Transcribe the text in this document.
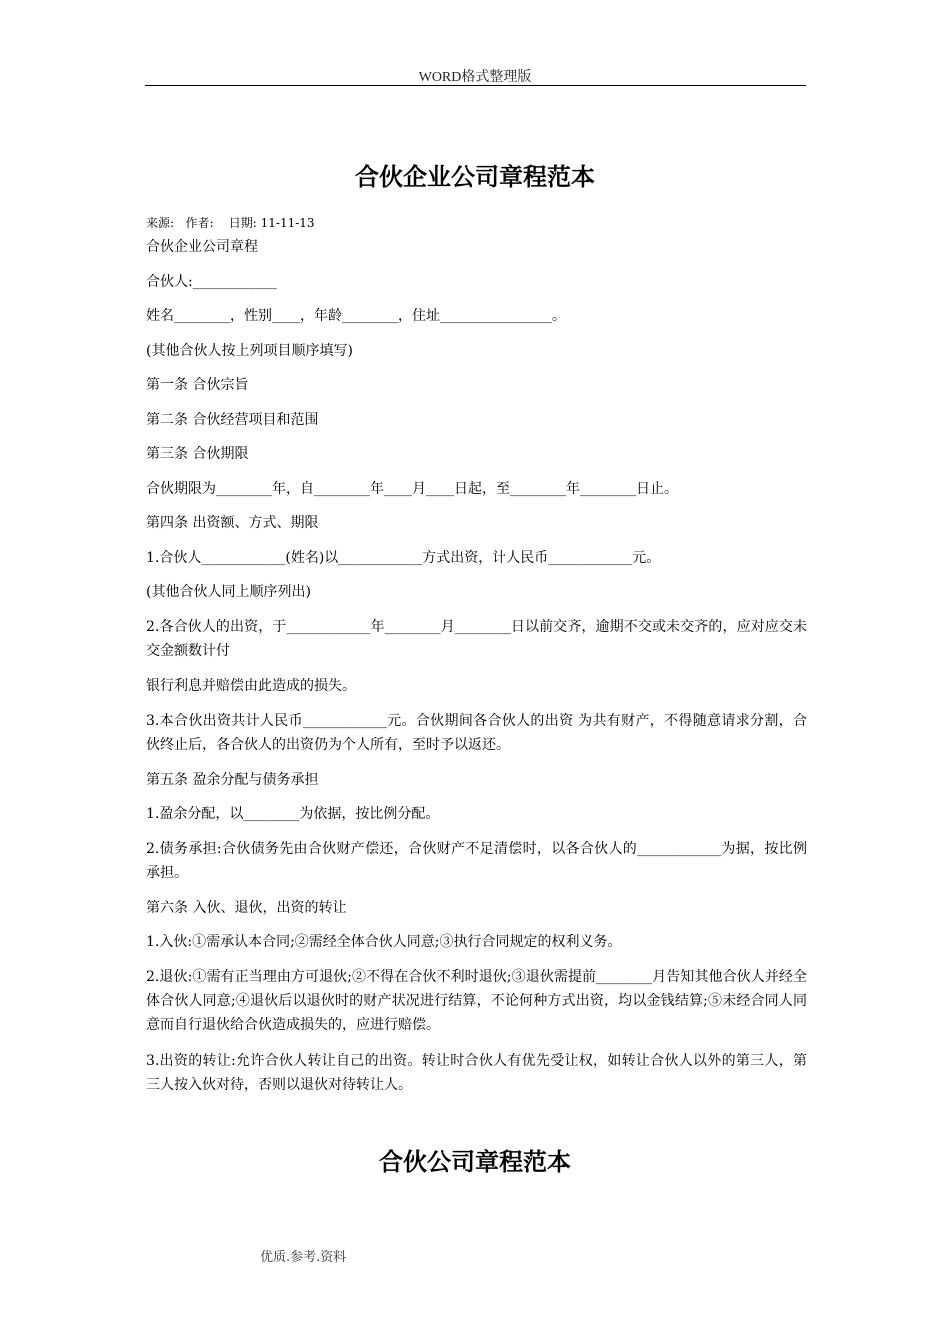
WORD格式整理版
合伙企业公司章程范本
来源:   作者:    日期: 11-11-13
合伙企业公司章程
合伙人:____________
姓名________，性别____，年龄________，住址________________。
(其他合伙人按上列项目顺序填写)
第一条 合伙宗旨
第二条 合伙经营项目和范围
第三条 合伙期限
合伙期限为________年，自________年____月____日起，至________年________日止。
第四条 出资额、方式、期限
1.合伙人____________(姓名)以____________方式出资，计人民币____________元。
(其他合伙人同上顺序列出)
2.各合伙人的出资，于____________年________月________日以前交齐，逾期不交或未交齐的，应对应交未交金额数计付
银行利息并赔偿由此造成的损失。
3.本合伙出资共计人民币____________元。合伙期间各合伙人的出资 为共有财产，不得随意请求分割，合伙终止后，各合伙人的出资仍为个人所有，至时予以返还。
第五条 盈余分配与债务承担
1.盈余分配，以________为依据，按比例分配。
2.债务承担:合伙债务先由合伙财产偿还，合伙财产不足清偿时，以各合伙人的____________为据，按比例承担。
第六条 入伙、退伙，出资的转让
1.入伙:①需承认本合同;②需经全体合伙人同意;③执行合同规定的权利义务。
2.退伙:①需有正当理由方可退伙;②不得在合伙不利时退伙;③退伙需提前________月告知其他合伙人并经全体合伙人同意;④退伙后以退伙时的财产状况进行结算，不论何种方式出资，均以金钱结算;⑤未经合同人同意而自行退伙给合伙造成损失的，应进行赔偿。
3.出资的转让:允许合伙人转让自己的出资。转让时合伙人有优先受让权，如转让合伙人以外的第三人，第三人按入伙对待，否则以退伙对待转让人。
合伙公司章程范本
优质.参考.资料
